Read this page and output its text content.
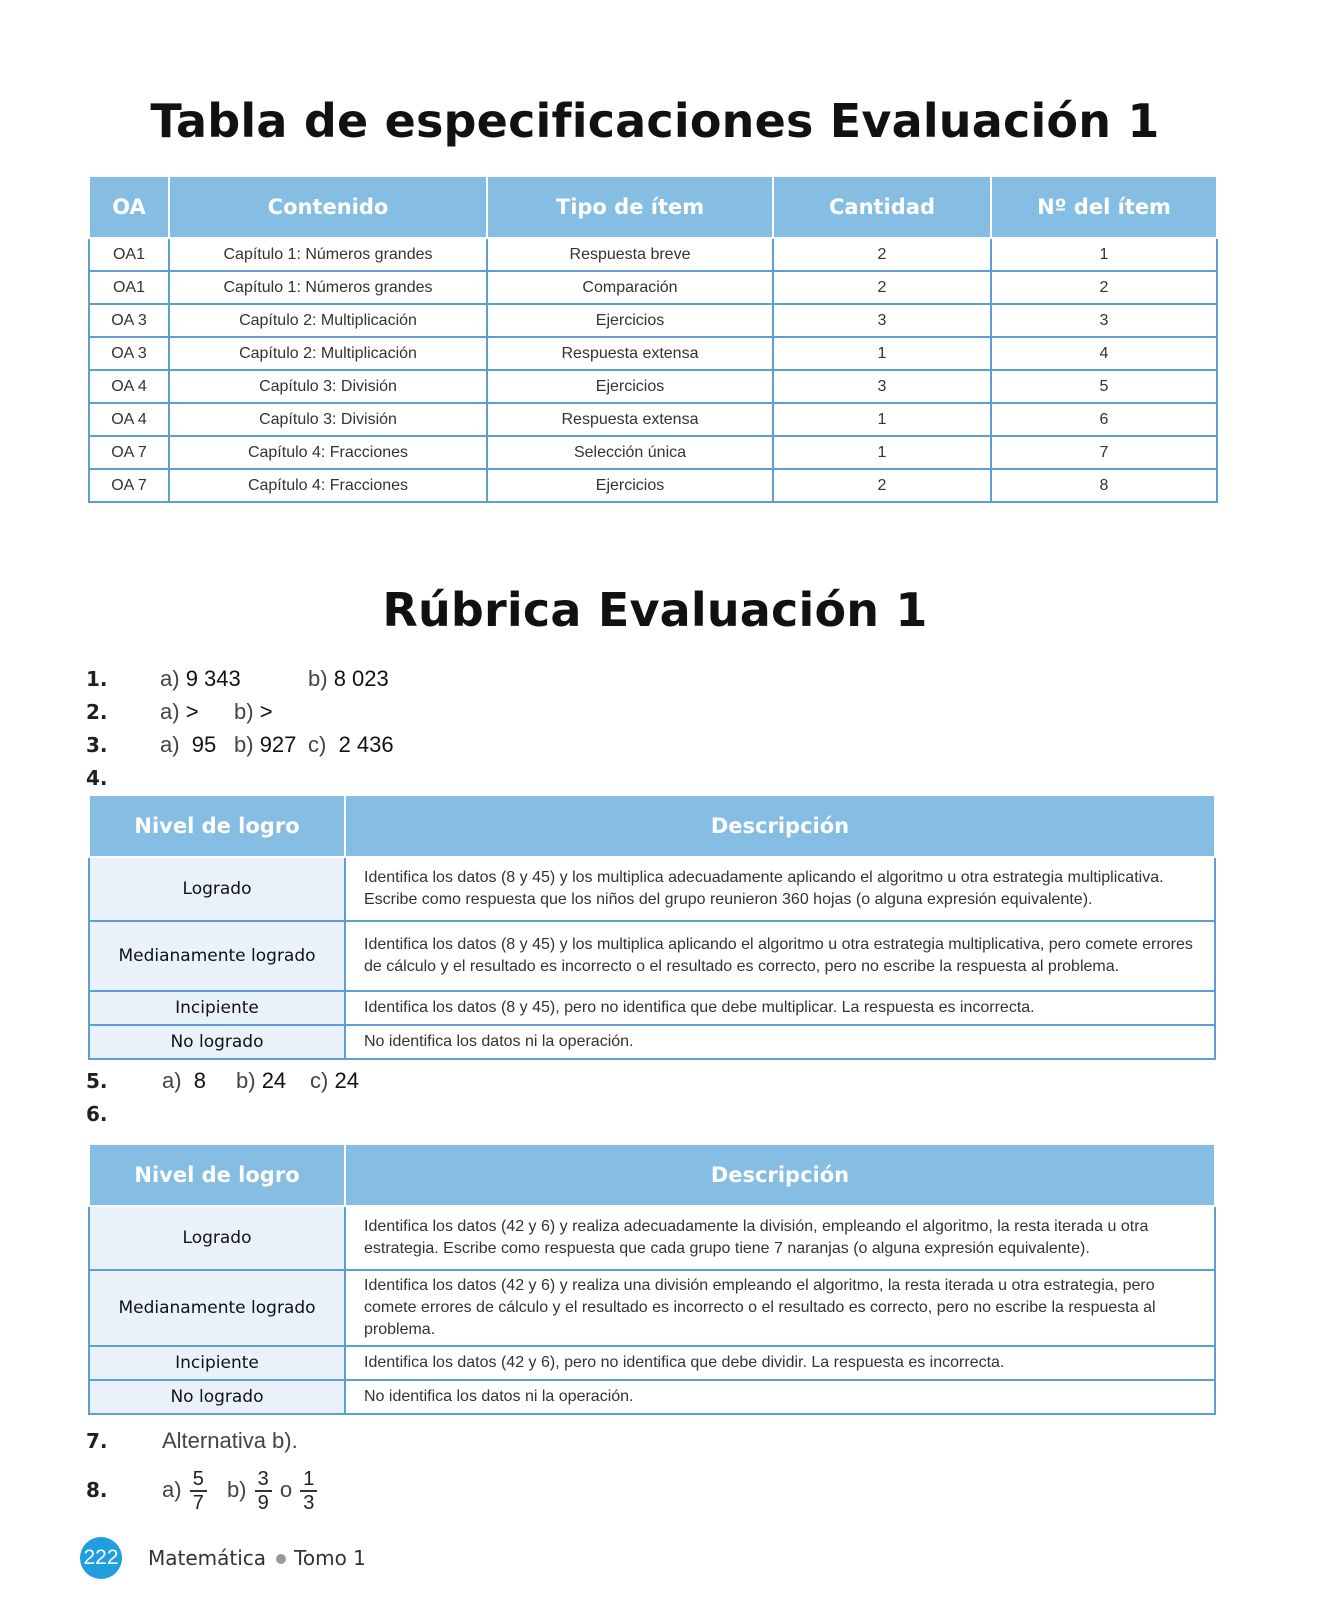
Tabla de especificaciones Evaluación 1
OA	Contenido	Tipo de ítem	Cantidad	Nº del ítem
OA1	Capítulo 1: Números grandes	Respuesta breve	2	1
OA1	Capítulo 1: Números grandes	Comparación	2	2
OA 3	Capítulo 2: Multiplicación	Ejercicios	3	3
OA 3	Capítulo 2: Multiplicación	Respuesta extensa	1	4
OA 4	Capítulo 3: División	Ejercicios	3	5
OA 4	Capítulo 3: División	Respuesta extensa	1	6
OA 7	Capítulo 4: Fracciones	Selección única	1	7
OA 7	Capítulo 4: Fracciones	Ejercicios	2	8
Rúbrica Evaluación 1
1. a) 9 343	b) 8 023
2. a) > b) >
3. a) 95 b) 927 c) 2 436
4.
Nivel de logro	Descripción
Logrado	Identifica los datos (8 y 45) y los multiplica adecuadamente aplicando el algoritmo u otra estrategia multiplicativa. Escribe como respuesta que los niños del grupo reunieron 360 hojas (o alguna expresión equivalente).
Medianamente logrado	Identifica los datos (8 y 45) y los multiplica aplicando el algoritmo u otra estrategia multiplicativa, pero comete errores de cálculo y el resultado es incorrecto o el resultado es correcto, pero no escribe la respuesta al problema.
Incipiente	Identifica los datos (8 y 45), pero no identifica que debe multiplicar. La respuesta es incorrecta.
No logrado	No identifica los datos ni la operación.
5. a) 8 b) 24 c) 24
6.
Nivel de logro	Descripción
Logrado	Identifica los datos (42 y 6) y realiza adecuadamente la división, empleando el algoritmo, la resta iterada u otra estrategia. Escribe como respuesta que cada grupo tiene 7 naranjas (o alguna expresión equivalente).
Medianamente logrado	Identifica los datos (42 y 6) y realiza una división empleando el algoritmo, la resta iterada u otra estrategia, pero comete errores de cálculo y el resultado es incorrecto o el resultado es correcto, pero no escribe la respuesta al problema.
Incipiente	Identifica los datos (42 y 6), pero no identifica que debe dividir. La respuesta es incorrecta.
No logrado	No identifica los datos ni la operación.
7. Alternativa b).
8. $a) \frac{5}{7} b) \frac{3}{9}$ o $\frac{1}{3}$
222 Matemática Tomo 1
